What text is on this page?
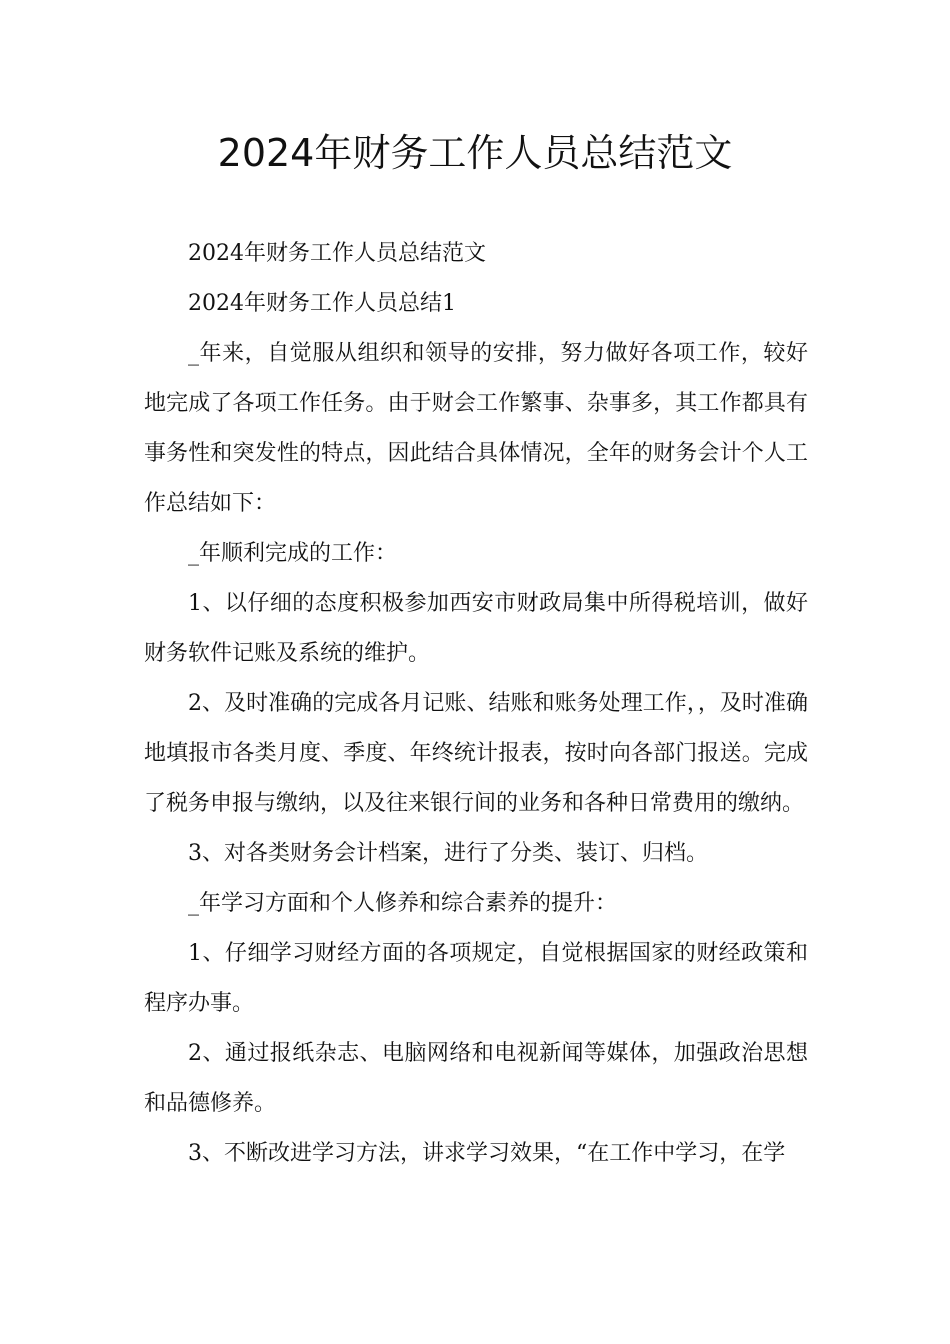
2024年财务工作人员总结范文

2024年财务工作人员总结范文

2024年财务工作人员总结1

_年来，自觉服从组织和领导的安排，努力做好各项工作，较好地完成了各项工作任务。由于财会工作繁事、杂事多，其工作都具有事务性和突发性的特点，因此结合具体情况，全年的财务会计个人工作总结如下：

_年顺利完成的工作：

1、以仔细的态度积极参加西安市财政局集中所得税培训，做好财务软件记账及系统的维护。

2、及时准确的完成各月记账、结账和账务处理工作，，及时准确地填报市各类月度、季度、年终统计报表，按时向各部门报送。完成了税务申报与缴纳，以及往来银行间的业务和各种日常费用的缴纳。

3、对各类财务会计档案，进行了分类、装订、归档。

_年学习方面和个人修养和综合素养的提升：

1、仔细学习财经方面的各项规定，自觉根据国家的财经政策和程序办事。

2、通过报纸杂志、电脑网络和电视新闻等媒体，加强政治思想和品德修养。

3、不断改进学习方法，讲求学习效果，“在工作中学习，在学
